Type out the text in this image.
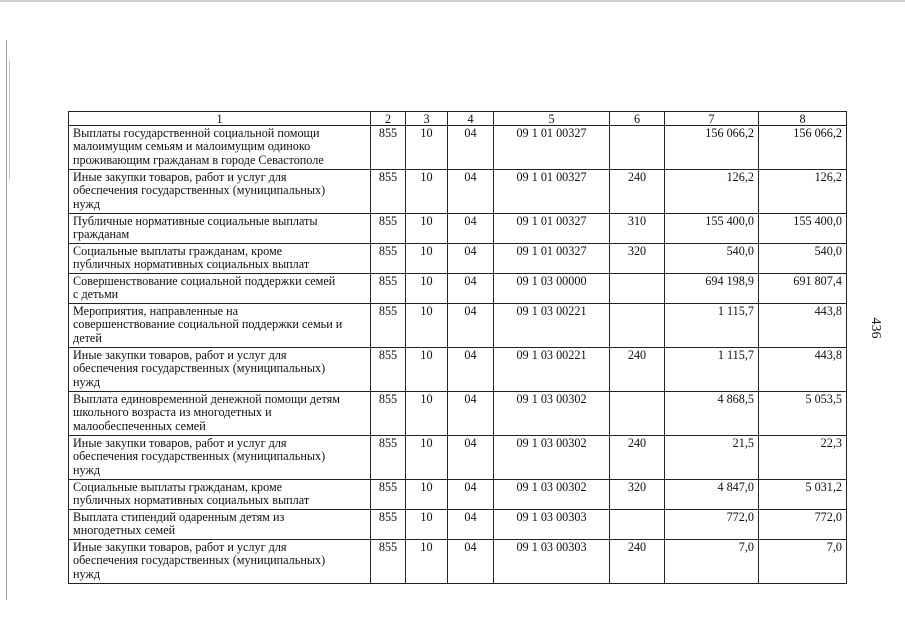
436
1	2	3	4	5	6	7	8

Выплаты государственной социальной помощи
малоимущим семьям и малоимущим одиноко
проживающим гражданам в городе Севастополе	855	10	04	09 1 01 00327		156 066,2	156 066,2

Иные закупки товаров, работ и услуг для
обеспечения государственных (муниципальных)
нужд	855	10	04	09 1 01 00327	240	126,2	126,2

Публичные нормативные социальные выплаты
гражданам	855	10	04	09 1 01 00327	310	155 400,0	155 400,0

Социальные выплаты гражданам, кроме
публичных нормативных социальных выплат	855	10	04	09 1 01 00327	320	540,0	540,0

Совершенствование социальной поддержки семей
с детьми	855	10	04	09 1 03 00000		694 198,9	691 807,4

Мероприятия, направленные на
совершенствование социальной поддержки семьи и
детей	855	10	04	09 1 03 00221		1 115,7	443,8

Иные закупки товаров, работ и услуг для
обеспечения государственных (муниципальных)
нужд	855	10	04	09 1 03 00221	240	1 115,7	443,8

Выплата единовременной денежной помощи детям
школьного возраста из многодетных и
малообеспеченных семей	855	10	04	09 1 03 00302		4 868,5	5 053,5

Иные закупки товаров, работ и услуг для
обеспечения государственных (муниципальных)
нужд	855	10	04	09 1 03 00302	240	21,5	22,3

Социальные выплаты гражданам, кроме
публичных нормативных социальных выплат	855	10	04	09 1 03 00302	320	4 847,0	5 031,2

Выплата стипендий одаренным детям из
многодетных семей	855	10	04	09 1 03 00303		772,0	772,0

Иные закупки товаров, работ и услуг для
обеспечения государственных (муниципальных)
нужд	855	10	04	09 1 03 00303	240	7,0	7,0
